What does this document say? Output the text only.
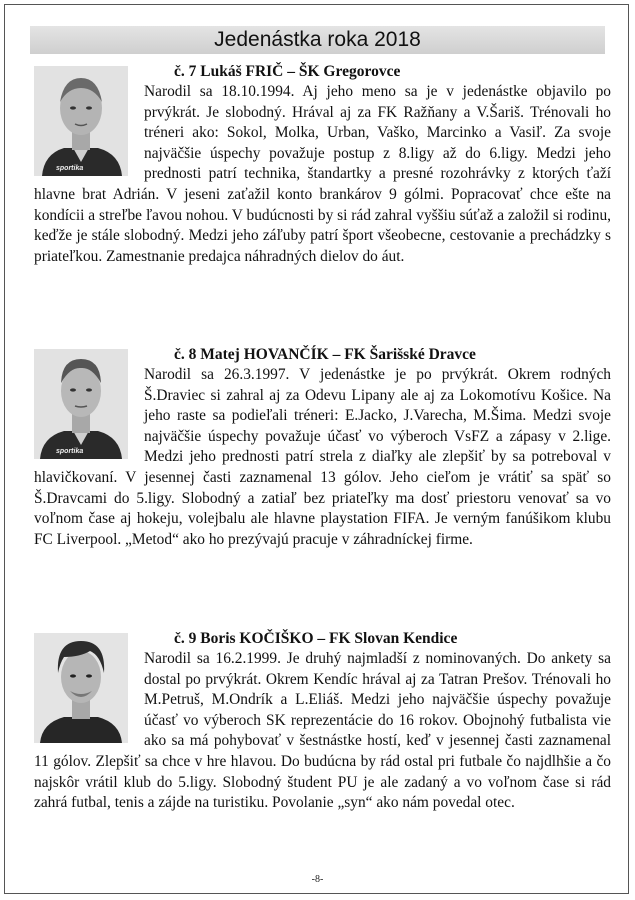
Jedenástka roka 2018
sportika
č. 7 Lukáš FRIČ – ŠK Gregorovce
Narodil sa 18.10.1994. Aj jeho meno sa je v jedenástke objavilo po prvýkrát. Je slobodný. Hrával aj za FK Ražňany a V.Šariš. Trénovali ho tréneri ako: Sokol, Molka, Urban, Vaško, Marcinko a Vasiľ. Za svoje najväčšie úspechy považuje postup z 8.ligy až do 6.ligy. Medzi jeho prednosti patrí technika, štandartky a presné rozohrávky z ktorých ťaží hlavne brat Adrián. V jeseni zaťažil konto brankárov 9 gólmi. Popracovať chce ešte na kondícii a streľbe ľavou nohou. V budúcnosti by si rád zahral vyššiu súťaž a založil si rodinu, keďže je stále slobodný. Medzi jeho záľuby patrí šport všeobecne, cestovanie a prechádzky s priateľkou. Zamestnanie predajca náhradných dielov do áut.
sportika
č. 8 Matej HOVANČÍK – FK Šarišské Dravce
Narodil sa 26.3.1997. V jedenástke je po prvýkrát. Okrem rodných Š.Draviec si zahral aj za Odevu Lipany ale aj za Lokomotívu Košice. Na jeho raste sa podieľali tréneri: E.Jacko, J.Varecha, M.Šima. Medzi svoje najväčšie úspechy považuje účasť vo výberoch VsFZ a zápasy v 2.lige. Medzi jeho prednosti patrí strela z diaľky ale zlepšiť by sa potreboval v hlavičkovaní. V jesennej časti zaznamenal 13 gólov. Jeho cieľom je vrátiť sa späť so Š.Dravcami do 5.ligy. Slobodný a zatiaľ bez priateľky ma dosť priestoru venovať sa vo voľnom čase aj hokeju, volejbalu ale hlavne playstation FIFA. Je verným fanúšikom klubu FC Liverpool. „Metod“ ako ho prezývajú pracuje v záhradníckej firme.
č. 9 Boris KOČIŠKO – FK Slovan Kendice
Narodil sa 16.2.1999. Je druhý najmladší z nominovaných. Do ankety sa dostal po prvýkrát. Okrem Kendíc hrával aj za Tatran Prešov. Trénovali ho M.Petruš, M.Ondrík a L.Eliáš. Medzi jeho najväčšie úspechy považuje účasť vo výberoch SK reprezentácie do 16 rokov. Obojnohý futbalista vie ako sa má pohybovať v šestnástke hostí, keď v jesennej časti zaznamenal 11 gólov. Zlepšiť sa chce v hre hlavou. Do budúcna by rád ostal pri futbale čo najdlhšie a čo najskôr vrátil klub do 5.ligy. Slobodný študent PU je ale zadaný a vo voľnom čase si rád zahrá futbal, tenis a zájde na turistiku. Povolanie „syn“ ako nám povedal otec.
-8-
